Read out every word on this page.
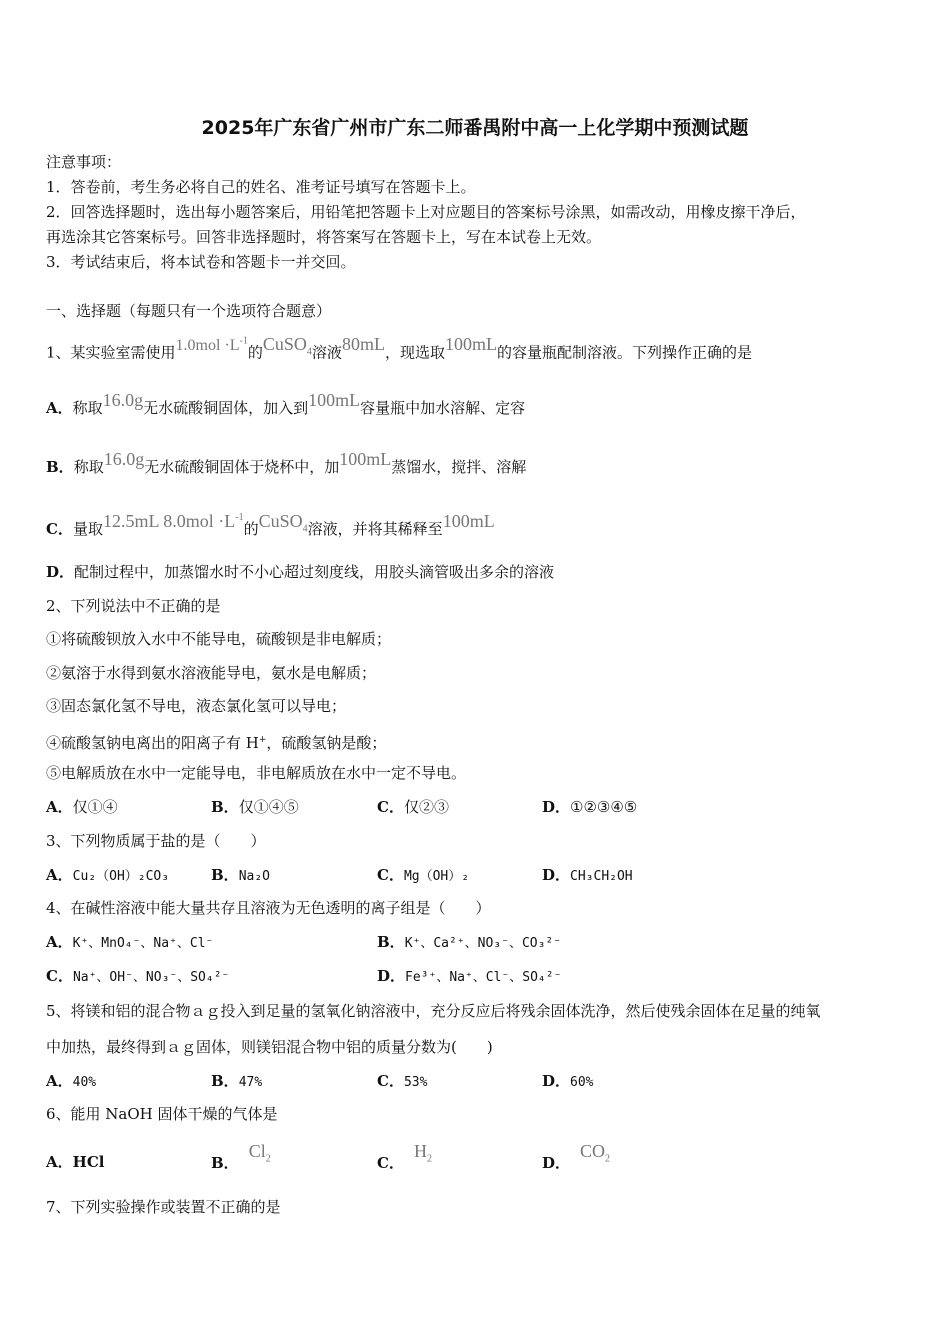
2025年广东省广州市广东二师番禺附中高一上化学期中预测试题
注意事项：
1．答卷前，考生务必将自己的姓名、准考证号填写在答题卡上。
2．回答选择题时，选出每小题答案后，用铅笔把答题卡上对应题目的答案标号涂黑，如需改动，用橡皮擦干净后，
再选涂其它答案标号。回答非选择题时，将答案写在答题卡上，写在本试卷上无效。
3．考试结束后，将本试卷和答题卡一并交回。
一、选择题（每题只有一个选项符合题意）
1、某实验室需使用$1.0mol \cdot L^{-1}$的CuSO$_4$溶液80mL，现选取100mL的容量瓶配制溶液。下列操作正确的是
A．称取16.0g无水硫酸铜固体，加入到100mL容量瓶中加水溶解、定容
B．称取16.0g无水硫酸铜固体于烧杯中，加100mL蒸馏水，搅拌、溶解
C．量取12.5mL $8.0mol \cdot L^{-1}$的CuSO$_4$溶液，并将其稀释至100mL
D．配制过程中，加蒸馏水时不小心超过刻度线，用胶头滴管吸出多余的溶液
2、下列说法中不正确的是
①将硫酸钡放入水中不能导电，硫酸钡是非电解质；
②氨溶于水得到氨水溶液能导电，氨水是电解质；
③固态氯化氢不导电，液态氯化氢可以导电；
④硫酸氢钠电离出的阳离子有 H+，硫酸氢钠是酸；
⑤电解质放在水中一定能导电，非电解质放在水中一定不导电。
A．仅①④	B．仅①④⑤	C．仅②③	D．①②③④⑤
3、下列物质属于盐的是（　　）
A．Cu₂（OH）₂CO₃	B．Na₂O	C．Mg（OH）₂	D．CH₃CH₂OH
4、在碱性溶液中能大量共存且溶液为无色透明的离子组是（　　）
A．K⁺、MnO₄⁻、Na⁺、Cl⁻	B．K⁺、Ca²⁺、NO₃⁻、CO₃²⁻
C．Na⁺、OH⁻、NO₃⁻、SO₄²⁻	D．Fe³⁺、Na⁺、Cl⁻、SO₄²⁻
5、将镁和铝的混合物ａｇ投入到足量的氢氧化钠溶液中，充分反应后将残余固体洗净，然后使残余固体在足量的纯氧
中加热，最终得到ａｇ固体，则镁铝混合物中铝的质量分数为(　　)
A．40%	B．47%	C．53%	D．60%
6、能用 NaOH 固体干燥的气体是
A．HCl	B．$Cl_2$	C．$H_2$	D．$CO_2$
7、下列实验操作或装置不正确的是
